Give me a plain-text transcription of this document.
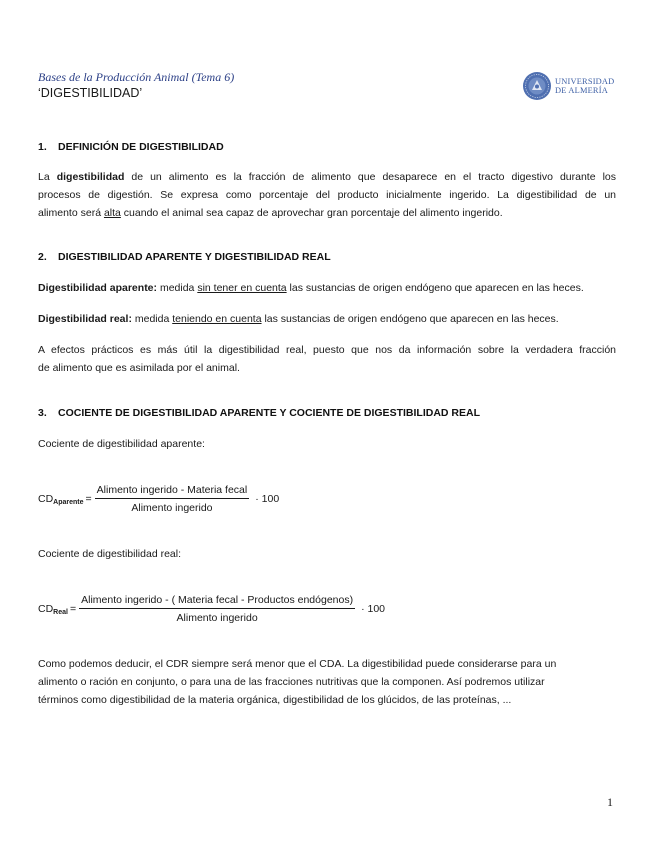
Bases de la Producción Animal (Tema 6)
‘DIGESTIBILIDAD’
UNIVERSIDAD
DE ALMERÍA
1. DEFINICIÓN DE DIGESTIBILIDAD
La digestibilidad de un alimento es la fracción de alimento que desaparece en el tracto digestivo durante los
procesos de digestión. Se expresa como porcentaje del producto inicialmente ingerido. La digestibilidad de un
alimento será alta cuando el animal sea capaz de aprovechar gran porcentaje del alimento ingerido.
2. DIGESTIBILIDAD APARENTE Y DIGESTIBILIDAD REAL
Digestibilidad aparente: medida sin tener en cuenta las sustancias de origen endógeno que aparecen en las heces.
Digestibilidad real: medida teniendo en cuenta las sustancias de origen endógeno que aparecen en las heces.
A efectos prácticos es más útil la digestibilidad real, puesto que nos da información sobre la verdadera fracción
de alimento que es asimilada por el animal.
3. COCIENTE DE DIGESTIBILIDAD APARENTE Y COCIENTE DE DIGESTIBILIDAD REAL
Cociente de digestibilidad aparente:
CD Aparente = $\frac{\text{Alimento ingerido - Materia fecal}}{\text{Alimento ingerido}} \cdot 100$
Cociente de digestibilidad real:
CD Real = $\frac{\text{Alimento ingerido - ( Materia fecal - Productos endógenos)}}{\text{Alimento ingerido}} \cdot 100$
Como podemos deducir, el CDR siempre será menor que el CDA. La digestibilidad puede considerarse para un
alimento o ración en conjunto, o para una de las fracciones nutritivas que la componen. Así podremos utilizar
términos como digestibilidad de la materia orgánica, digestibilidad de los glúcidos, de las proteínas, ...
1
